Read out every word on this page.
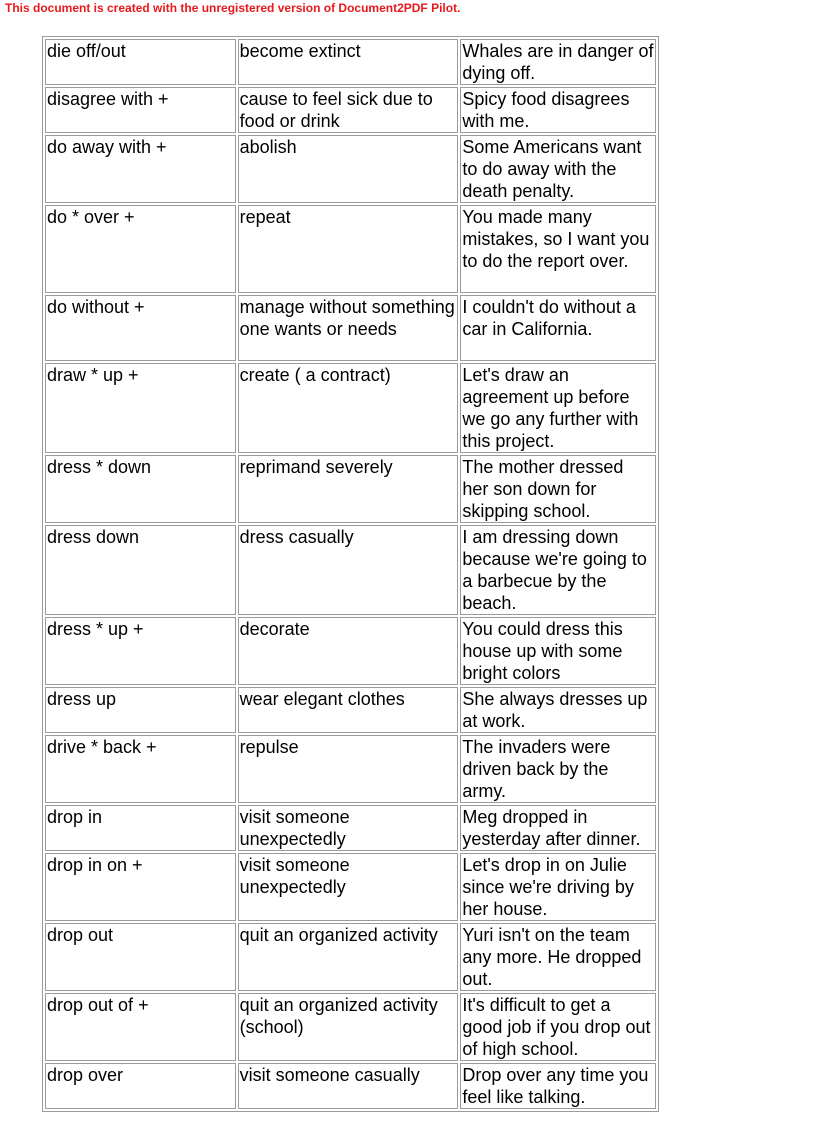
This document is created with the unregistered version of Document2PDF Pilot.
die off/out	become extinct	Whales are in danger of dying off.
disagree with +	cause to feel sick due to food or drink	Spicy food disagrees with me.
do away with +	abolish	Some Americans want to do away with the death penalty.
do * over +	repeat	You made many mistakes, so I want you to do the report over.
do without +	manage without something one wants or needs	I couldn't do without a car in California.
draw * up +	create ( a contract)	Let's draw an agreement up before we go any further with this project.
dress * down	reprimand severely	The mother dressed her son down for skipping school.
dress down	dress casually	I am dressing down because we're going to a barbecue by the beach.
dress * up +	decorate	You could dress this house up with some bright colors
dress up	wear elegant clothes	She always dresses up at work.
drive * back +	repulse	The invaders were driven back by the army.
drop in	visit someone unexpectedly	Meg dropped in yesterday after dinner.
drop in on +	visit someone unexpectedly	Let's drop in on Julie since we're driving by her house.
drop out	quit an organized activity	Yuri isn't on the team any more. He dropped out.
drop out of +	quit an organized activity (school)	It's difficult to get a good job if you drop out of high school.
drop over	visit someone casually	Drop over any time you feel like talking.
